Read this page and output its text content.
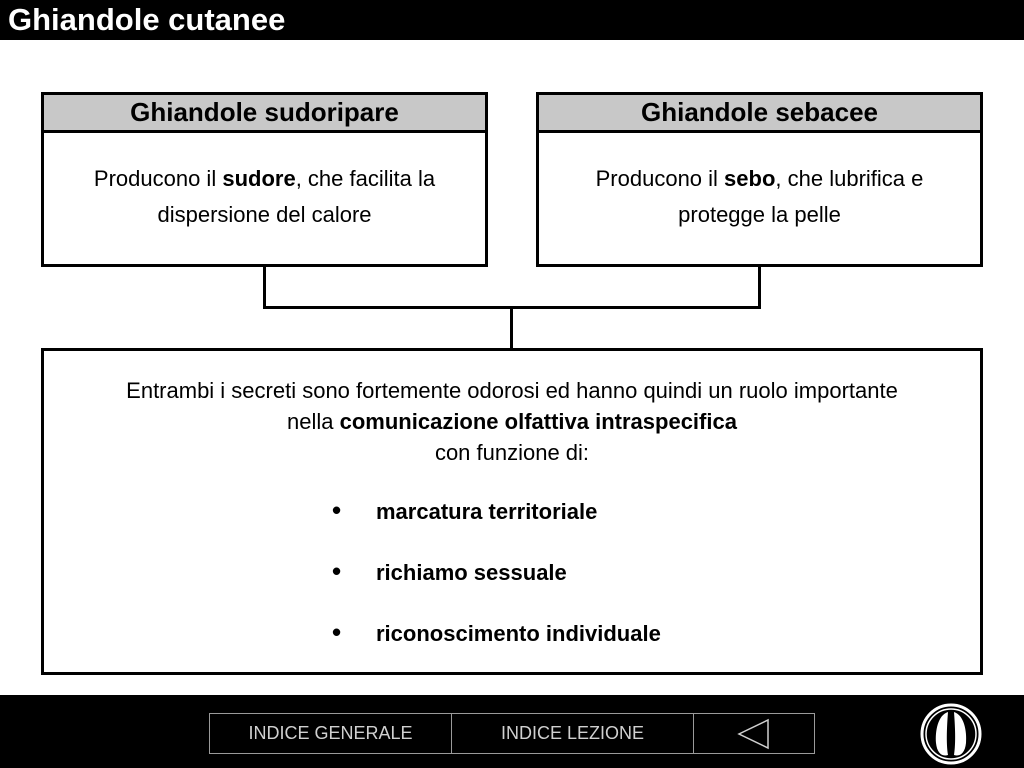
Ghiandole cutanee
Ghiandole sudoripare
Producono il sudore, che facilita la dispersione del calore
Ghiandole sebacee
Producono il sebo, che lubrifica e protegge la pelle
Entrambi i secreti sono fortemente odorosi ed hanno quindi un ruolo importante
nella comunicazione olfattiva intraspecifica
con funzione di:
• marcatura territoriale
• richiamo sessuale
• riconoscimento individuale
INDICE GENERALE	INDICE LEZIONE
